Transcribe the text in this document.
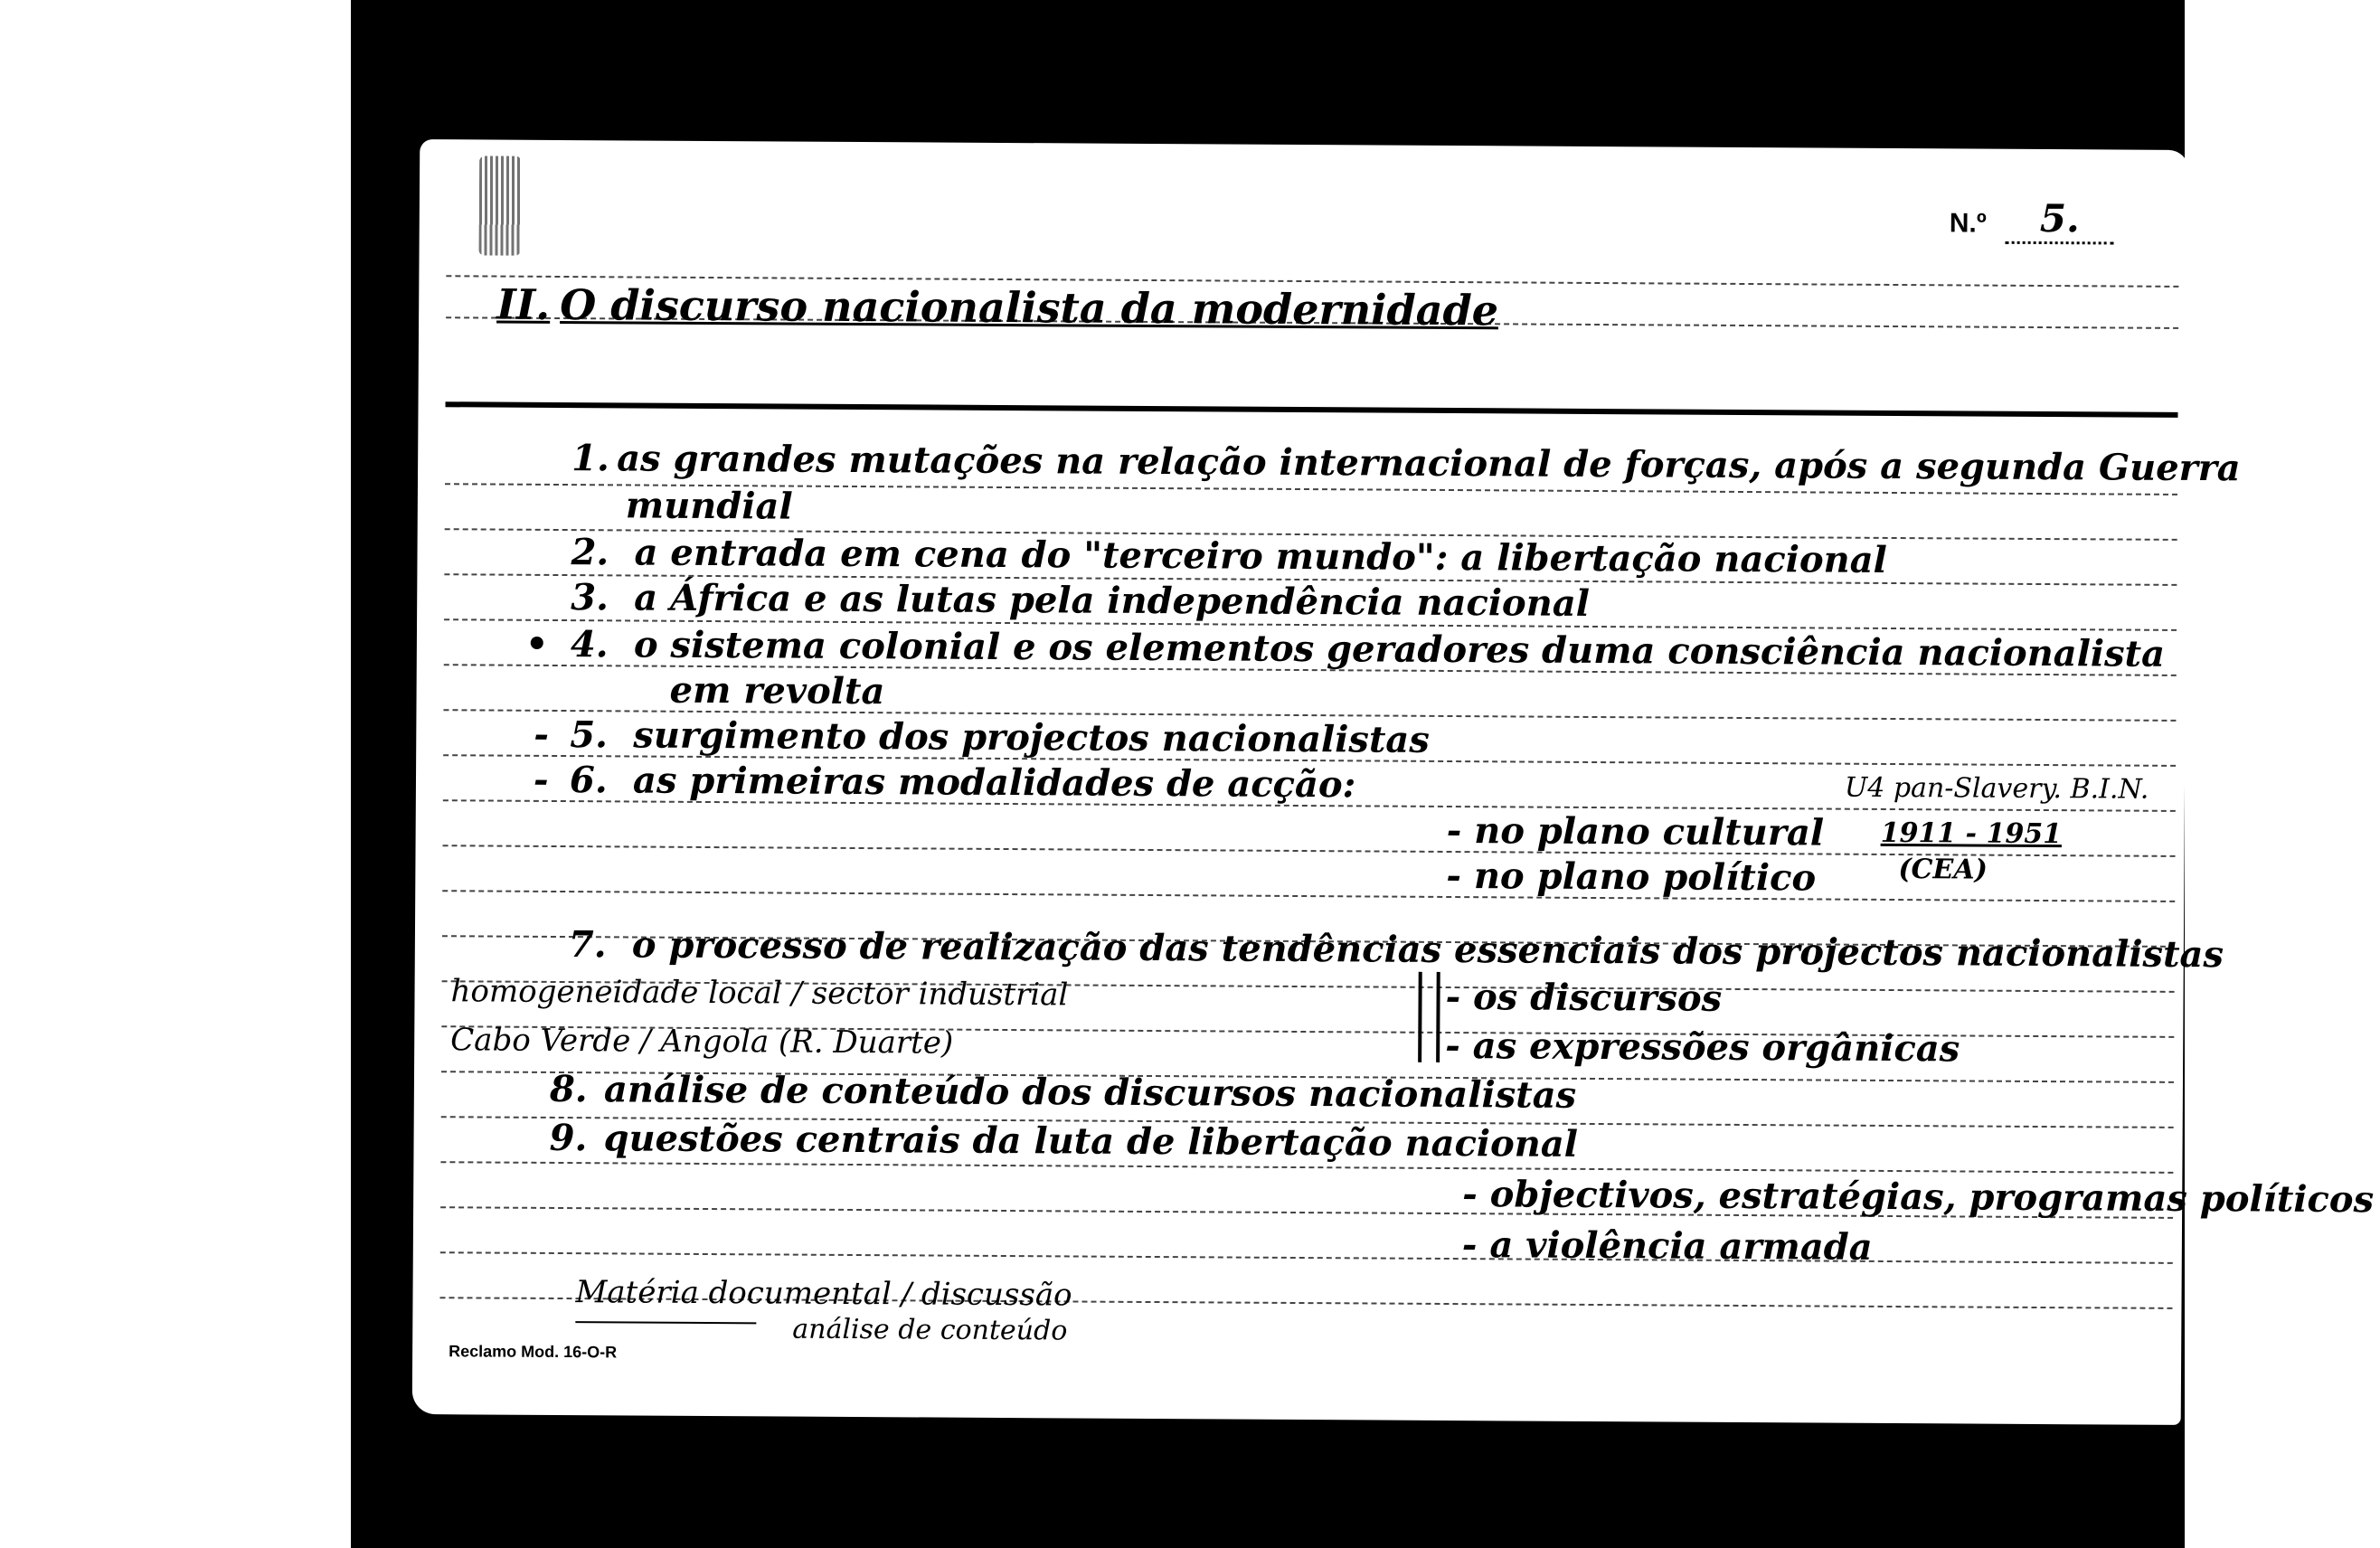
N.º	5.
II. O discurso nacionalista da modernidade
1. as grandes mutações na relação internacional de forças, após a segunda Guerra
mundial
2. a entrada em cena do "terceiro mundo": a libertação nacional
3. a África e as lutas pela independência nacional
• 4. o sistema colonial e os elementos geradores duma consciência nacionalista
em revolta
- 5. surgimento dos projectos nacionalistas
- 6. as primeiras modalidades de acção:
- no plano cultural
- no plano político
U4 pan-Slavery. B.I.N.
1911 - 1951
(CEA)
7. o processo de realização das tendências essenciais dos projectos nacionalistas
homogeneidade local / sector industrial
Cabo Verde / Angola (R. Duarte)
- os discursos
- as expressões orgânicas
8. análise de conteúdo dos discursos nacionalistas
9. questões centrais da luta de libertação nacional
- objectivos, estratégias, programas políticos
- a violência armada
Matéria documental / discussão
análise de conteúdo
Reclamo Mod. 16-O-R
